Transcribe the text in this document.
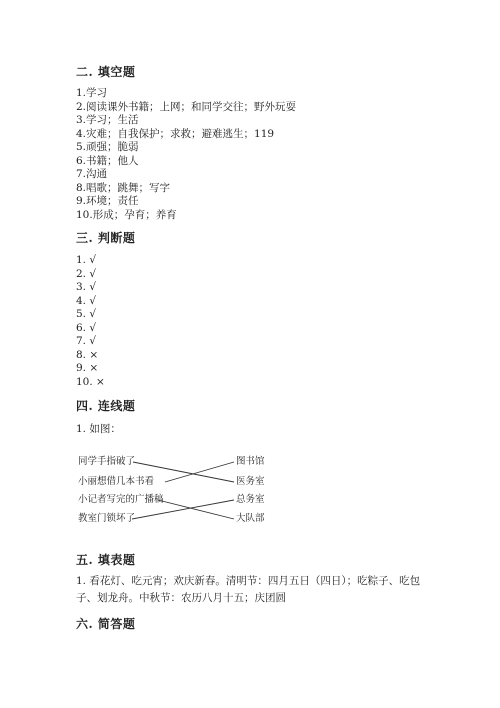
二. 填空题
1.学习
2.阅读课外书籍；上网；和同学交往；野外玩耍
3.学习；生活
4.灾难；自我保护；求救；避难逃生；119
5.顽强；脆弱
6.书籍；他人
7.沟通
8.唱歌；跳舞；写字
9.环境；责任
10.形成；孕育；养育
三. 判断题
1. √
2. √
3. √
4. √
5. √
6. √
7. √
8. ×
9. ×
10. ×
四. 连线题
1. 如图：
同学手指破了
小丽想借几本书看
小记者写完的广播稿
教室门锁坏了
图书馆
医务室
总务室
大队部
五. 填表题

1. 看花灯、吃元宵；欢庆新春。清明节：四月五日（四日）；吃粽子、吃包子、划龙舟。中秋节：农历八月十五；庆团圆

六. 简答题
